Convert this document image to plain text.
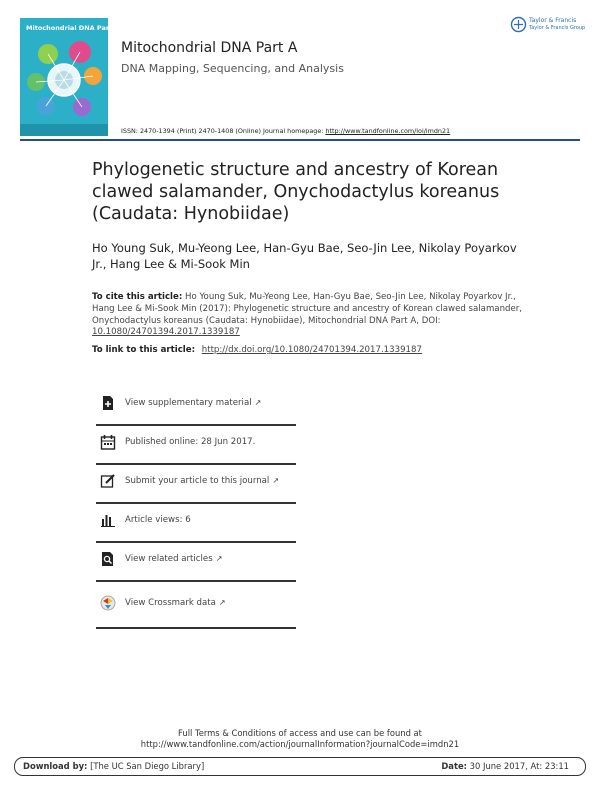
Mitochondrial DNA Part A
Taylor & Francis
Taylor & Francis Group
Mitochondrial DNA Part A
DNA Mapping, Sequencing, and Analysis
ISSN: 2470-1394 (Print) 2470-1408 (Online) Journal homepage: http://www.tandfonline.com/loi/imdn21
Phylogenetic structure and ancestry of Korean clawed salamander, Onychodactylus koreanus (Caudata: Hynobiidae)
Ho Young Suk, Mu-Yeong Lee, Han-Gyu Bae, Seo-Jin Lee, Nikolay Poyarkov Jr., Hang Lee & Mi-Sook Min
To cite this article: Ho Young Suk, Mu-Yeong Lee, Han-Gyu Bae, Seo-Jin Lee, Nikolay Poyarkov Jr., Hang Lee & Mi-Sook Min (2017): Phylogenetic structure and ancestry of Korean clawed salamander, Onychodactylus koreanus (Caudata: Hynobiidae), Mitochondrial DNA Part A, DOI: 10.1080/24701394.2017.1339187
To link to this article: http://dx.doi.org/10.1080/24701394.2017.1339187
View supplementary material ↗
Published online: 28 Jun 2017.
Submit your article to this journal ↗
Article views: 6
View related articles ↗
View Crossmark data ↗
Full Terms & Conditions of access and use can be found at
http://www.tandfonline.com/action/journalInformation?journalCode=imdn21
Download by: [The UC San Diego Library]	Date: 30 June 2017, At: 23:11
